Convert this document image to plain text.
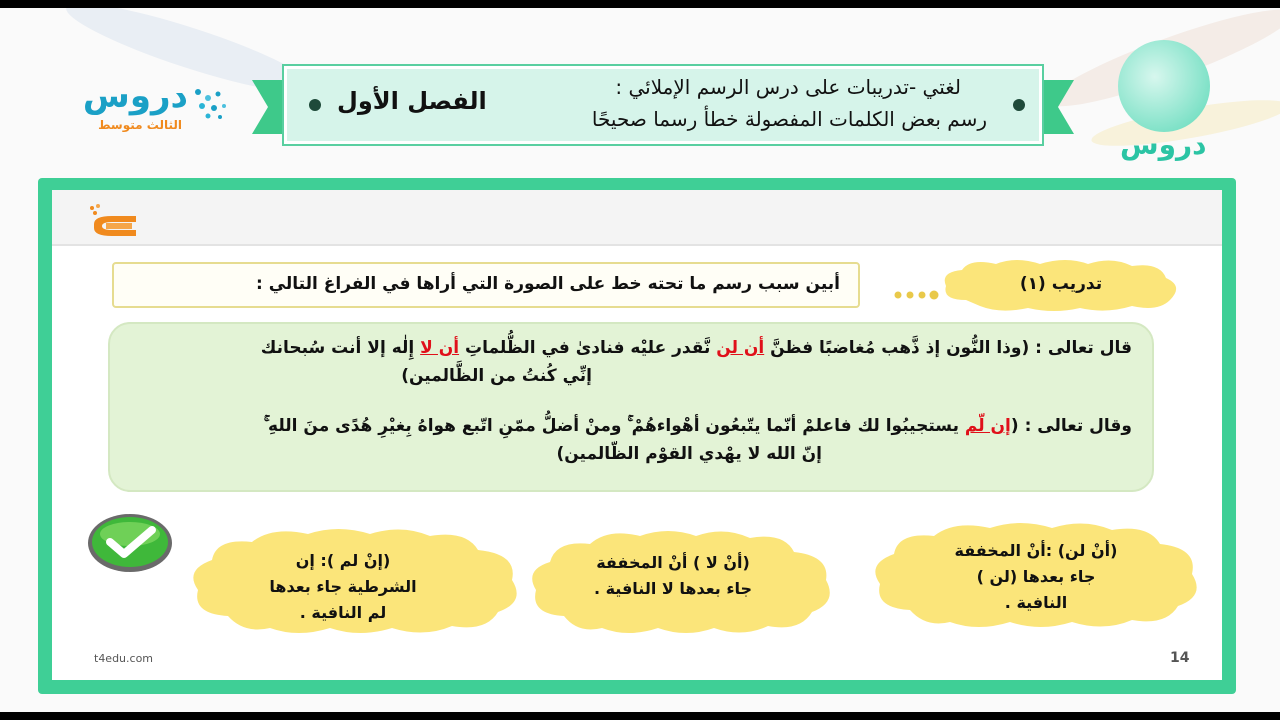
دروس
الثالث متوسط
دروس
الفصل الأول	لغتي -تدريبات على درس الرسم الإملائي :
رسم بعض الكلمات المفصولة خطأ رسما صحيحًا
تدريب (١)
أبين سبب رسم ما تحته خط على الصورة التي أراها في الفراغ التالي :
قال تعالى : (وذا النُّون إذ ذَّهب مُغاضبًا فظنَّ أن لن نَّقدر عليْه فنادىٰ في الظُّلماتِ أن لا إِلٰه إلا أنت سُبحانك
إنِّي كُنتُ من الظَّالمين)
وقال تعالى : (إن لّم يستجيبُوا لك فاعلمْ أنّما يتّبعُون أهْواءهُمْ ۚ ومنْ أضلُّ ممّنِ اتّبع هواهُ بِغيْرِ هُدًى منَ اللهِ ۚ
إنّ الله لا يهْدي القوْم الظّالمين)
(إنْ لم ): إن
الشرطية جاء بعدها
لم النافية .
(أنْ لا ) أنْ المخففة
جاء بعدها لا النافية .
(أنْ لن) :أنْ المخففة
جاء بعدها (لن )
النافية .
t4edu.com	14
